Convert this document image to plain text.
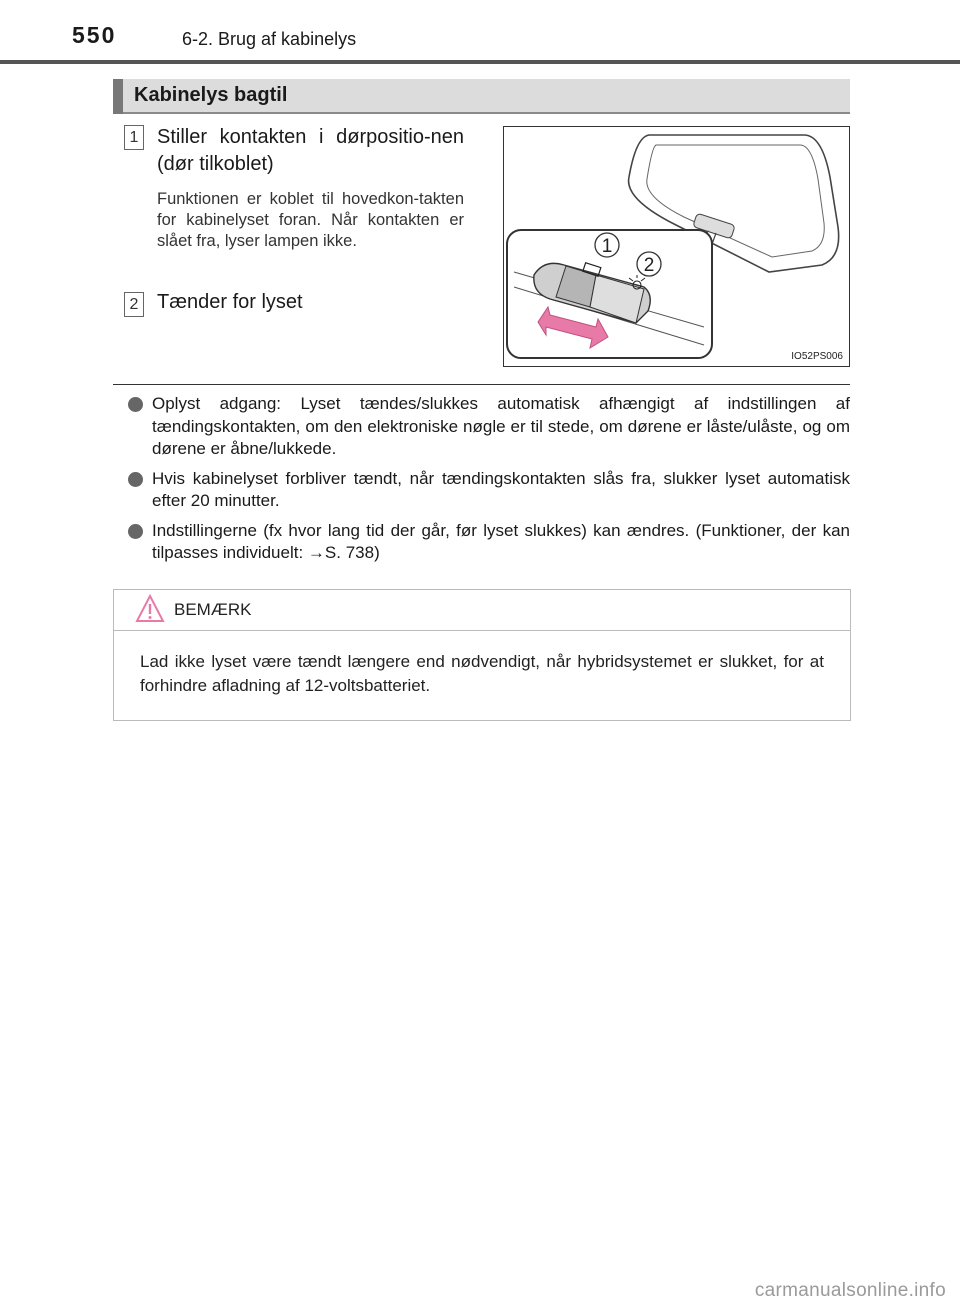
550	6-2. Brug af kabinelys
Kabinelys bagtil
1 Stiller kontakten i dørpositio-nen (dør tilkoblet)
Funktionen er koblet til hovedkon-takten for kabinelyset foran. Når kontakten er slået fra, lyser lampen ikke.
2 Tænder for lyset
1
2
IO52PS006
Oplyst adgang: Lyset tændes/slukkes automatisk afhængigt af indstillingen af tændingskontakten, om den elektroniske nøgle er til stede, om dørene er låste/ulåste, og om dørene er åbne/lukkede.
Hvis kabinelyset forbliver tændt, når tændingskontakten slås fra, slukker lyset automatisk efter 20 minutter.
Indstillingerne (fx hvor lang tid der går, før lyset slukkes) kan ændres. (Funktioner, der kan tilpasses individuelt: →S. 738)
BEMÆRK
Lad ikke lyset være tændt længere end nødvendigt, når hybridsystemet er slukket, for at forhindre afladning af 12-voltsbatteriet.
carmanualsonline.info
